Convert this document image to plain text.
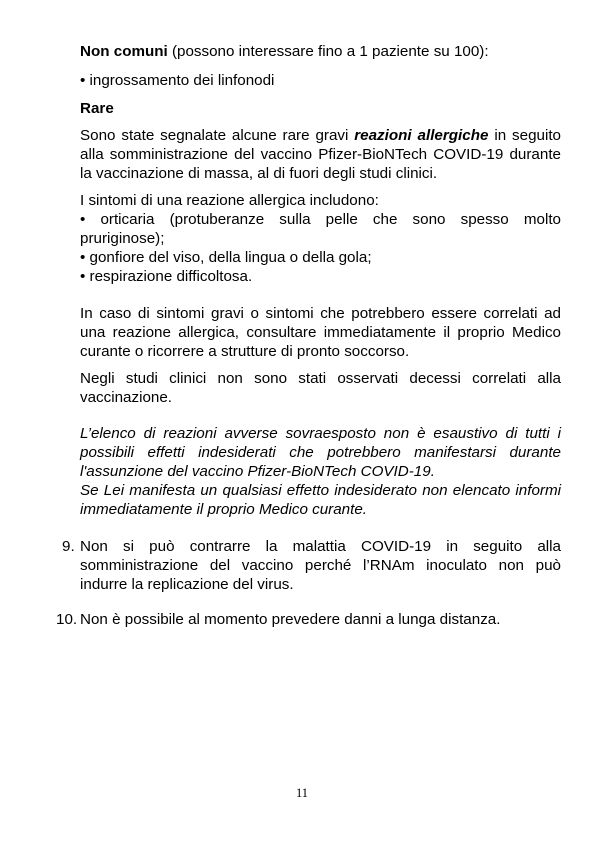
Non comuni (possono interessare fino a 1 paziente su 100):
• ingrossamento dei linfonodi
Rare
Sono state segnalate alcune rare gravi reazioni allergiche in seguito
alla somministrazione del vaccino Pfizer-BioNTech COVID-19 durante
la vaccinazione di massa, al di fuori degli studi clinici.
I sintomi di una reazione allergica includono:
• orticaria (protuberanze sulla pelle che sono spesso molto
pruriginose);
• gonfiore del viso, della lingua o della gola;
• respirazione difficoltosa.
In caso di sintomi gravi o sintomi che potrebbero essere correlati ad
una reazione allergica, consultare immediatamente il proprio Medico
curante o ricorrere a strutture di pronto soccorso.
Negli studi clinici non sono stati osservati decessi correlati alla
vaccinazione.
L’elenco di reazioni avverse sovraesposto non è esaustivo di tutti i
possibili effetti indesiderati che potrebbero manifestarsi durante
l'assunzione del vaccino Pfizer-BioNTech COVID-19.
Se Lei manifesta un qualsiasi effetto indesiderato non elencato informi
immediatamente il proprio Medico curante.
9. Non si può contrarre la malattia COVID-19 in seguito alla
somministrazione del vaccino perché l’RNAm inoculato non può
indurre la replicazione del virus.
10. Non è possibile al momento prevedere danni a lunga distanza.
11
